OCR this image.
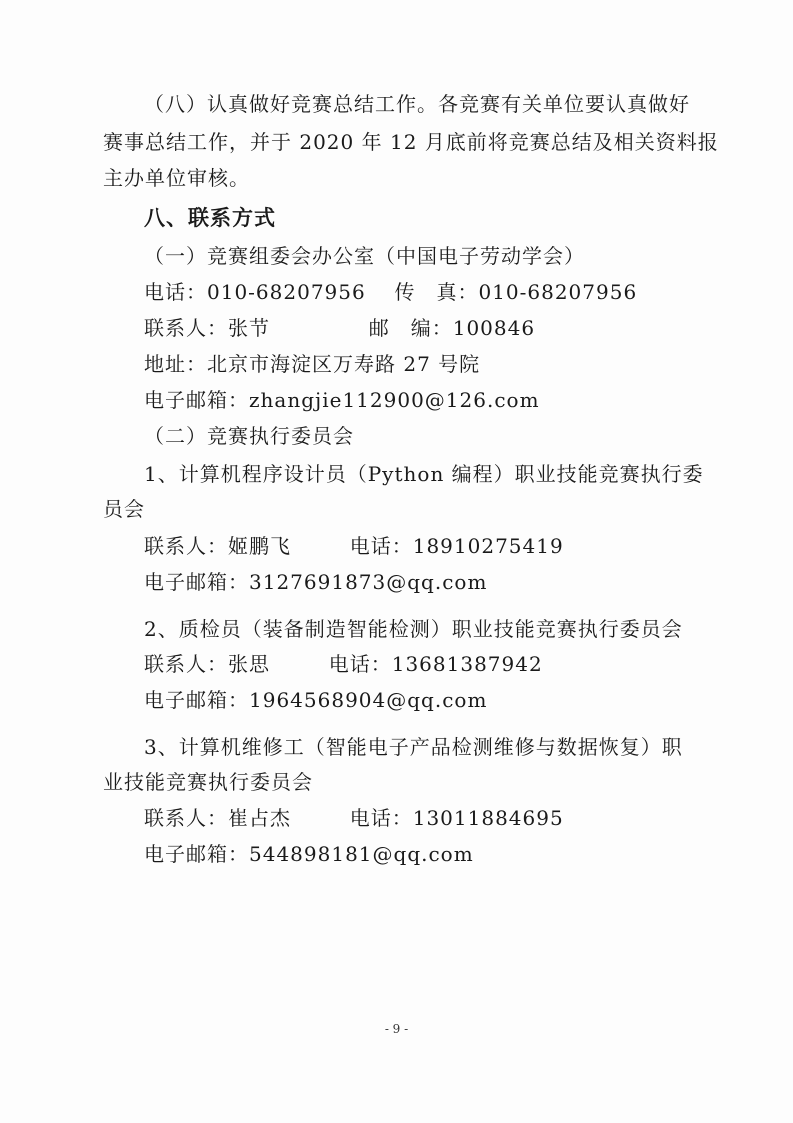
（八）认真做好竞赛总结工作。各竞赛有关单位要认真做好
赛事总结工作，并于 2020 年 12 月底前将竞赛总结及相关资料报
主办单位审核。
八、联系方式
（一）竞赛组委会办公室（中国电子劳动学会）
电话：010-68207956 传　真：010-68207956
联系人：张节	邮　编：100846
地址：北京市海淀区万寿路 27 号院
电子邮箱：zhangjie112900@126.com
（二）竞赛执行委员会
1、计算机程序设计员（Python 编程）职业技能竞赛执行委
员会
联系人：姬鹏飞	电话：18910275419
电子邮箱：3127691873@qq.com
2、质检员（装备制造智能检测）职业技能竞赛执行委员会
联系人：张思	电话：13681387942
电子邮箱：1964568904@qq.com
3、计算机维修工（智能电子产品检测维修与数据恢复）职
业技能竞赛执行委员会
联系人：崔占杰	电话：13011884695
电子邮箱：544898181@qq.com
- 9 -
